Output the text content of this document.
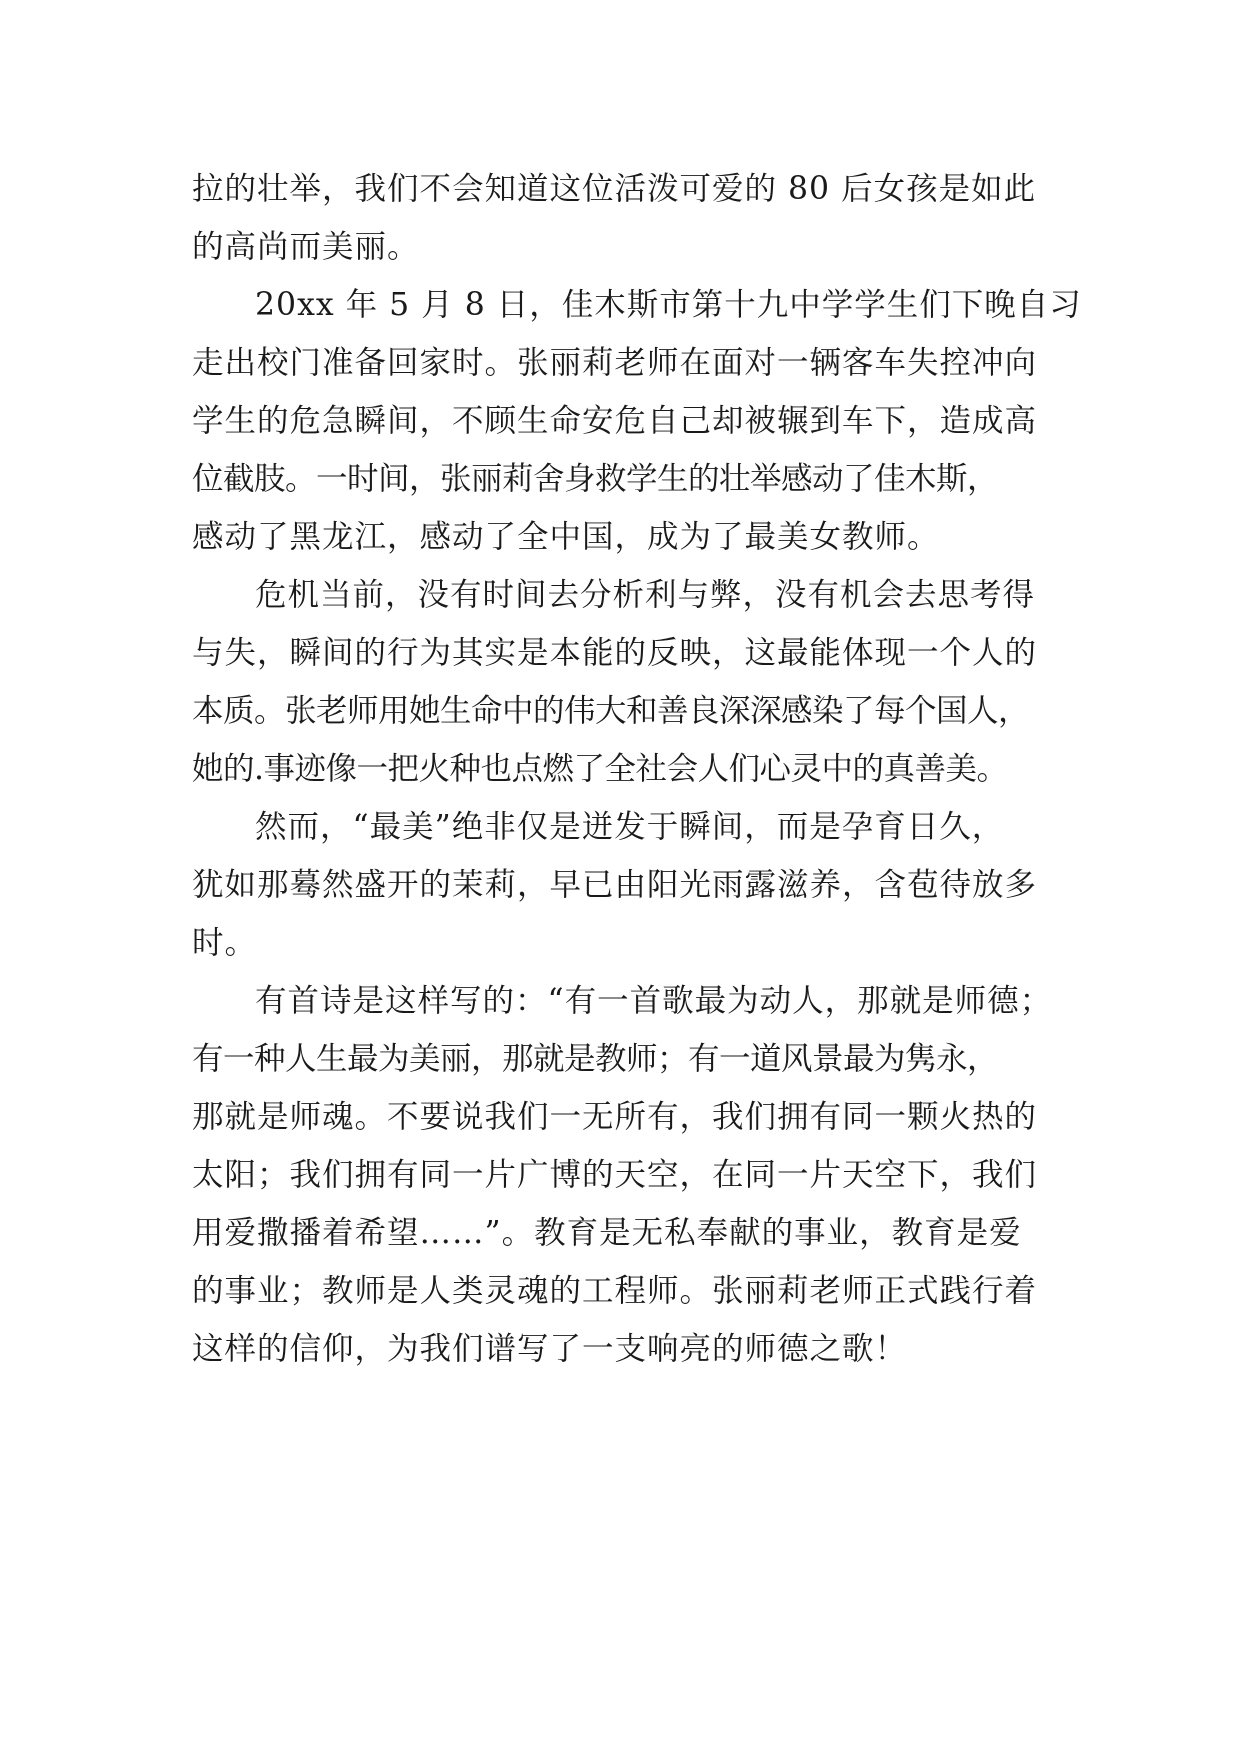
拉的壮举，我们不会知道这位活泼可爱的 80 后女孩是如此
的高尚而美丽。

20xx 年 5 月 8 日，佳木斯市第十九中学学生们下晚自习
走出校门准备回家时。张丽莉老师在面对一辆客车失控冲向
学生的危急瞬间，不顾生命安危自己却被辗到车下，造成高
位截肢。一时间，张丽莉舍身救学生的壮举感动了佳木斯，
感动了黑龙江，感动了全中国，成为了最美女教师。

危机当前，没有时间去分析利与弊，没有机会去思考得
与失，瞬间的行为其实是本能的反映，这最能体现一个人的
本质。张老师用她生命中的伟大和善良深深感染了每个国人，
她的.事迹像一把火种也点燃了全社会人们心灵中的真善美。

然而，“最美”绝非仅是迸发于瞬间，而是孕育日久，
犹如那蓦然盛开的茉莉，早已由阳光雨露滋养，含苞待放多
时。

有首诗是这样写的：“有一首歌最为动人，那就是师德；
有一种人生最为美丽，那就是教师；有一道风景最为隽永，
那就是师魂。不要说我们一无所有，我们拥有同一颗火热的
太阳；我们拥有同一片广博的天空，在同一片天空下，我们
用爱撒播着希望……”。教育是无私奉献的事业，教育是爱
的事业；教师是人类灵魂的工程师。张丽莉老师正式践行着
这样的信仰，为我们谱写了一支响亮的师德之歌！
